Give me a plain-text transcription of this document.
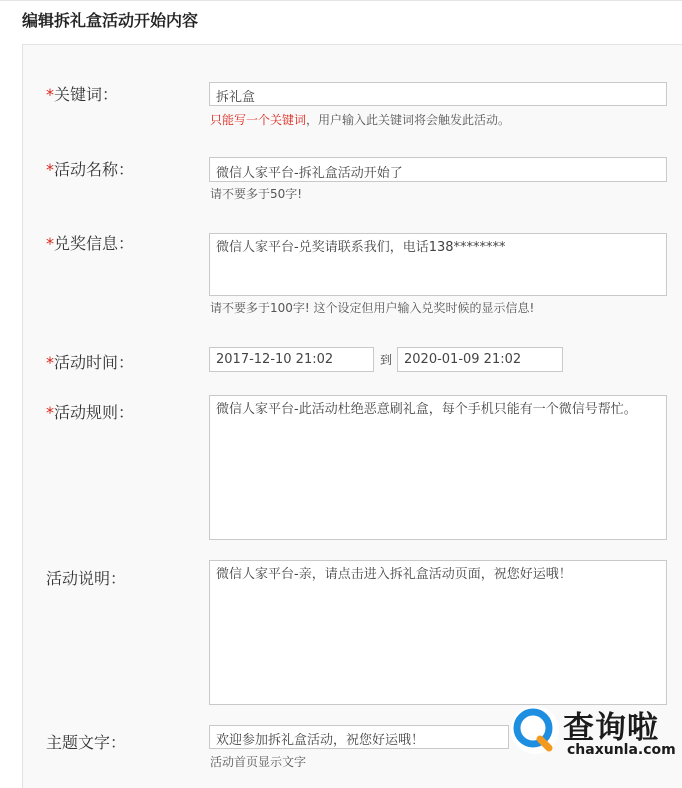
编辑拆礼盒活动开始内容
*关键词：	拆礼盒
只能写一个关键词，用户输入此关键词将会触发此活动。
*活动名称：	微信人家平台-拆礼盒活动开始了
请不要多于50字!
*兑奖信息：	微信人家平台-兑奖请联系我们，电话138********
请不要多于100字! 这个设定但用户输入兑奖时候的显示信息!
*活动时间：	2017-12-10 21:02	到 2020-01-09 21:02
*活动规则：	微信人家平台-此活动杜绝恶意刷礼盒，每个手机只能有一个微信号帮忙。
活动说明：	微信人家平台-亲，请点击进入拆礼盒活动页面，祝您好运哦！
主题文字：	欢迎参加拆礼盒活动，祝您好运哦！
活动首页显示文字
查询啦
chaxunla.com
